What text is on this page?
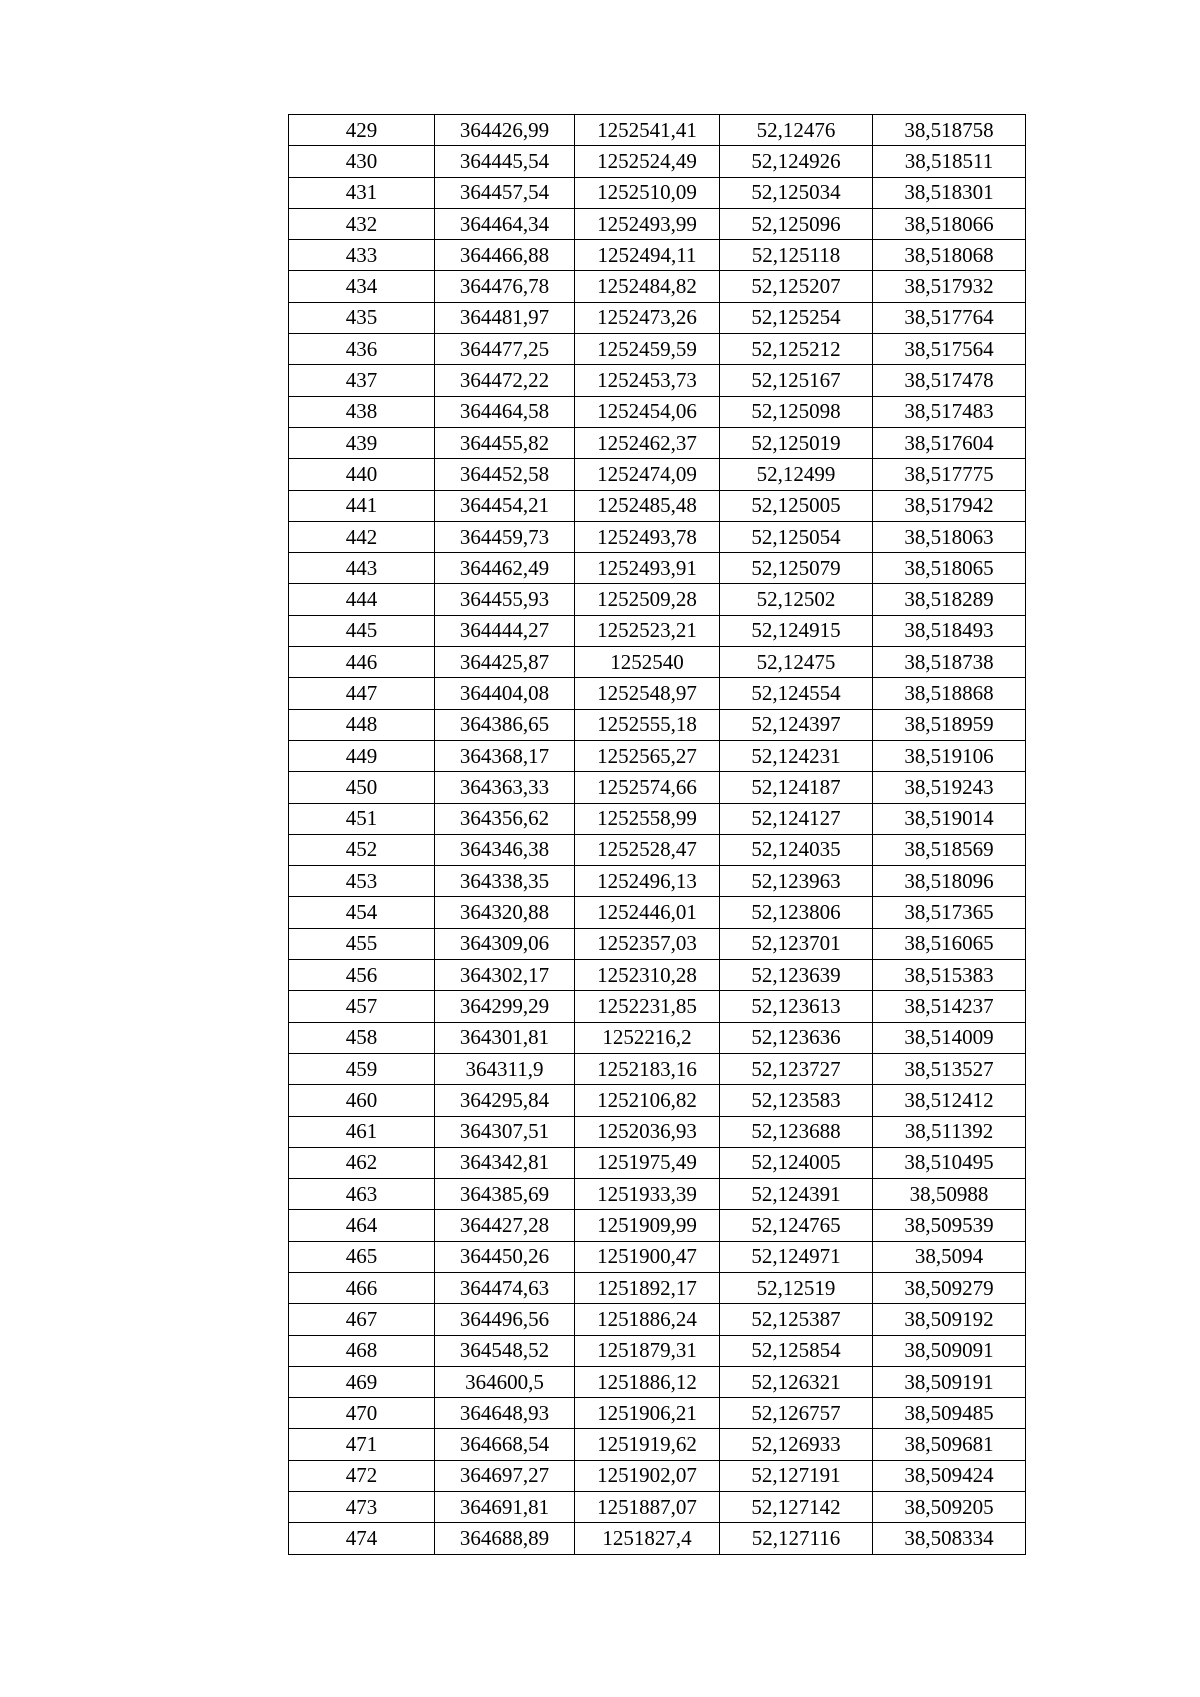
429	364426,99	1252541,41	52,12476	38,518758
430	364445,54	1252524,49	52,124926	38,518511
431	364457,54	1252510,09	52,125034	38,518301
432	364464,34	1252493,99	52,125096	38,518066
433	364466,88	1252494,11	52,125118	38,518068
434	364476,78	1252484,82	52,125207	38,517932
435	364481,97	1252473,26	52,125254	38,517764
436	364477,25	1252459,59	52,125212	38,517564
437	364472,22	1252453,73	52,125167	38,517478
438	364464,58	1252454,06	52,125098	38,517483
439	364455,82	1252462,37	52,125019	38,517604
440	364452,58	1252474,09	52,12499	38,517775
441	364454,21	1252485,48	52,125005	38,517942
442	364459,73	1252493,78	52,125054	38,518063
443	364462,49	1252493,91	52,125079	38,518065
444	364455,93	1252509,28	52,12502	38,518289
445	364444,27	1252523,21	52,124915	38,518493
446	364425,87	1252540	52,12475	38,518738
447	364404,08	1252548,97	52,124554	38,518868
448	364386,65	1252555,18	52,124397	38,518959
449	364368,17	1252565,27	52,124231	38,519106
450	364363,33	1252574,66	52,124187	38,519243
451	364356,62	1252558,99	52,124127	38,519014
452	364346,38	1252528,47	52,124035	38,518569
453	364338,35	1252496,13	52,123963	38,518096
454	364320,88	1252446,01	52,123806	38,517365
455	364309,06	1252357,03	52,123701	38,516065
456	364302,17	1252310,28	52,123639	38,515383
457	364299,29	1252231,85	52,123613	38,514237
458	364301,81	1252216,2	52,123636	38,514009
459	364311,9	1252183,16	52,123727	38,513527
460	364295,84	1252106,82	52,123583	38,512412
461	364307,51	1252036,93	52,123688	38,511392
462	364342,81	1251975,49	52,124005	38,510495
463	364385,69	1251933,39	52,124391	38,50988
464	364427,28	1251909,99	52,124765	38,509539
465	364450,26	1251900,47	52,124971	38,5094
466	364474,63	1251892,17	52,12519	38,509279
467	364496,56	1251886,24	52,125387	38,509192
468	364548,52	1251879,31	52,125854	38,509091
469	364600,5	1251886,12	52,126321	38,509191
470	364648,93	1251906,21	52,126757	38,509485
471	364668,54	1251919,62	52,126933	38,509681
472	364697,27	1251902,07	52,127191	38,509424
473	364691,81	1251887,07	52,127142	38,509205
474	364688,89	1251827,4	52,127116	38,508334
